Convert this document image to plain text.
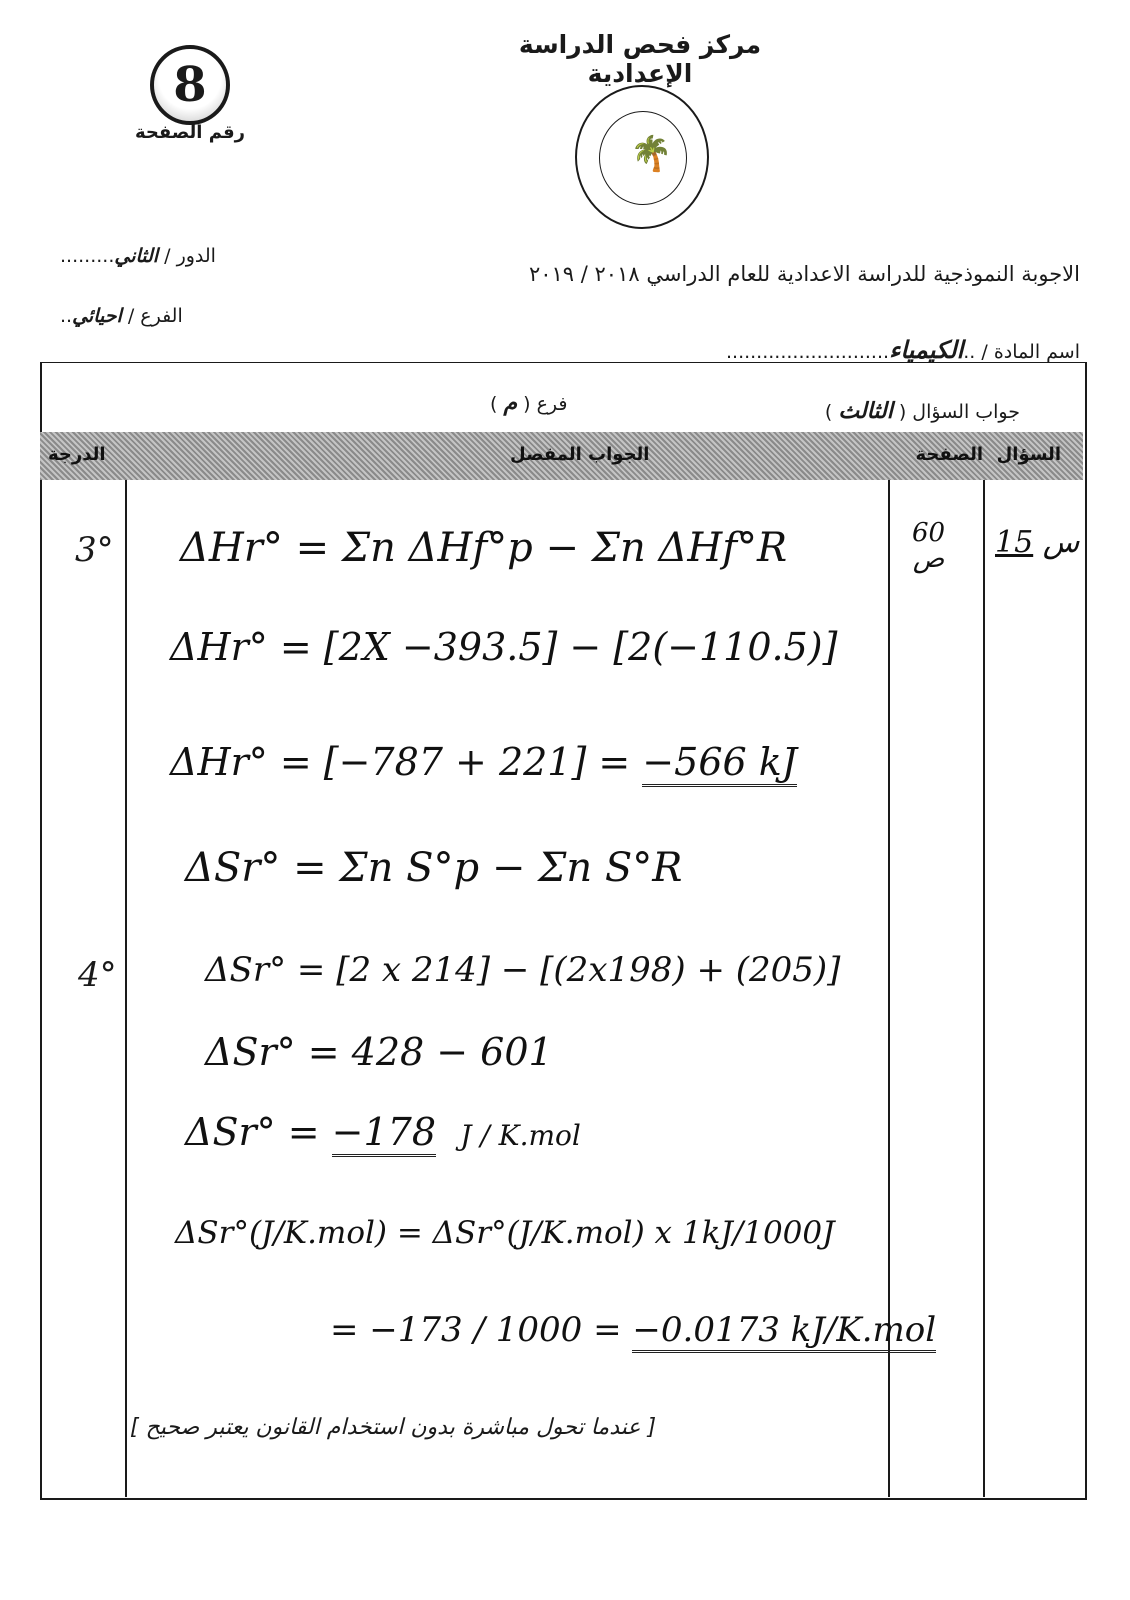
8
رقم الصفحة
مركز فحص الدراسة الإعدادية
🌴
الاجوبة النموذجية للدراسة الاعدادية للعام الدراسي ٢٠١٨ / ٢٠١٩
الدور / الثاني.........
الفرع / احيائي..
اسم المادة / ..الكيمياء...........................
جواب السؤال ( الثالث )
فرع ( م )
السؤال
الصفحة
الجواب المفصل
الدرجة
س 15
60
ص
3°
4°
ΔHr° = Σn ΔHf°p − Σn ΔHf°R
ΔHr° = [2X −393.5] − [2(−110.5)]
ΔHr° = [−787 + 221] = −566 kJ
ΔSr° = Σn S°p − Σn S°R
ΔSr° = [2 x 214] − [(2x198) + (205)]
ΔSr° = 428 − 601
ΔSr° = −178 J / K.mol
ΔSr°(J/K.mol) = ΔSr°(J/K.mol) x 1kJ/1000J
= −173 / 1000 = −0.0173 kJ/K.mol
[ عندما تحول مباشرة بدون استخدام القانون يعتبر صحيح ]
